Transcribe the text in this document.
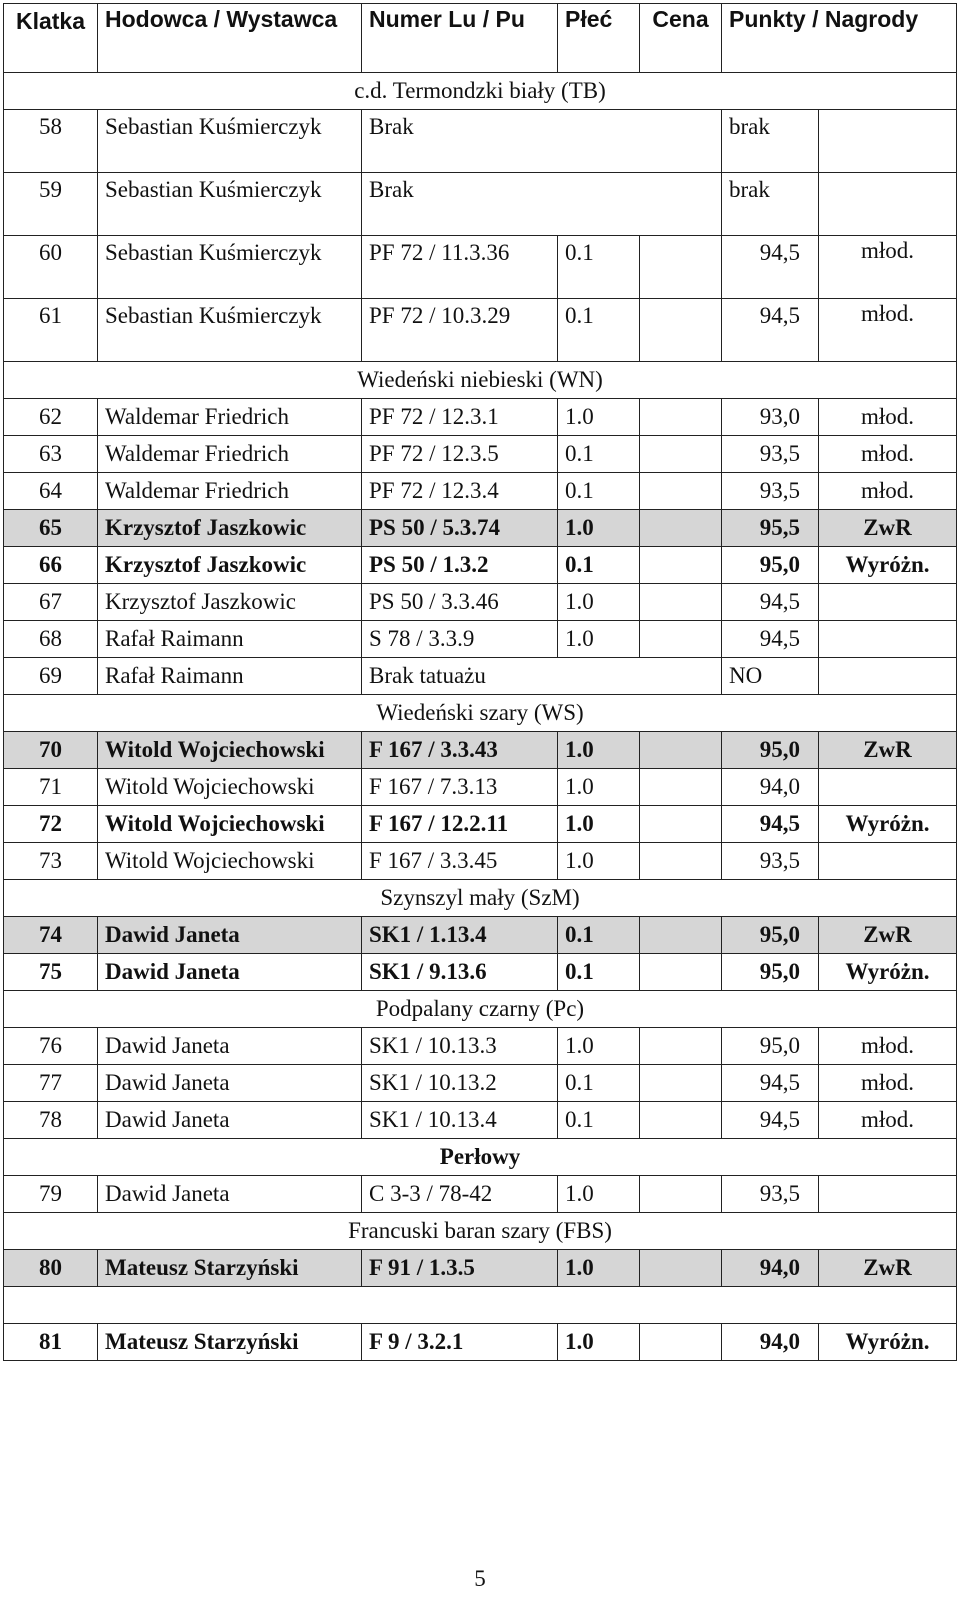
Klatka	Hodowca / Wystawca	Numer Lu / Pu	Płeć	Cena	Punkty / Nagrody	
c.d. Termondzki biały (TB)						
58	Sebastian Kuśmierczyk	Brak			brak	
59	Sebastian Kuśmierczyk	Brak			brak	
60	Sebastian Kuśmierczyk	PF 72 / 11.3.36	0.1		94,5	młod.
61	Sebastian Kuśmierczyk	PF 72 / 10.3.29	0.1		94,5	młod.
Wiedeński niebieski (WN)						
62	Waldemar Friedrich	PF 72 / 12.3.1	1.0		93,0	młod.
63	Waldemar Friedrich	PF 72 / 12.3.5	0.1		93,5	młod.
64	Waldemar Friedrich	PF 72 / 12.3.4	0.1		93,5	młod.
65	Krzysztof Jaszkowic	PS 50 / 5.3.74	1.0		95,5	ZwR
66	Krzysztof Jaszkowic	PS 50 / 1.3.2	0.1		95,0	Wyróżn.
67	Krzysztof Jaszkowic	PS 50 / 3.3.46	1.0		94,5	
68	Rafał Raimann	S 78 / 3.3.9	1.0		94,5	
69	Rafał Raimann	Brak tatuażu			NO	
Wiedeński szary (WS)						
70	Witold Wojciechowski	F 167 / 3.3.43	1.0		95,0	ZwR
71	Witold Wojciechowski	F 167 / 7.3.13	1.0		94,0	
72	Witold Wojciechowski	F 167 / 12.2.11	1.0		94,5	Wyróżn.
73	Witold Wojciechowski	F 167 / 3.3.45	1.0		93,5	
Szynszyl mały (SzM)						
74	Dawid Janeta	SK1 / 1.13.4	0.1		95,0	ZwR
75	Dawid Janeta	SK1 / 9.13.6	0.1		95,0	Wyróżn.
Podpalany czarny (Pc)						
76	Dawid Janeta	SK1 / 10.13.3	1.0		95,0	młod.
77	Dawid Janeta	SK1 / 10.13.2	0.1		94,5	młod.
78	Dawid Janeta	SK1 / 10.13.4	0.1		94,5	młod.
Perłowy						
79	Dawid Janeta	C 3-3 / 78-42	1.0		93,5	
Francuski baran szary (FBS)						
80	Mateusz Starzyński	F 91 / 1.3.5	1.0		94,0	ZwR

81	Mateusz Starzyński	F 9 / 3.2.1	1.0		94,0	Wyróżn.
5
